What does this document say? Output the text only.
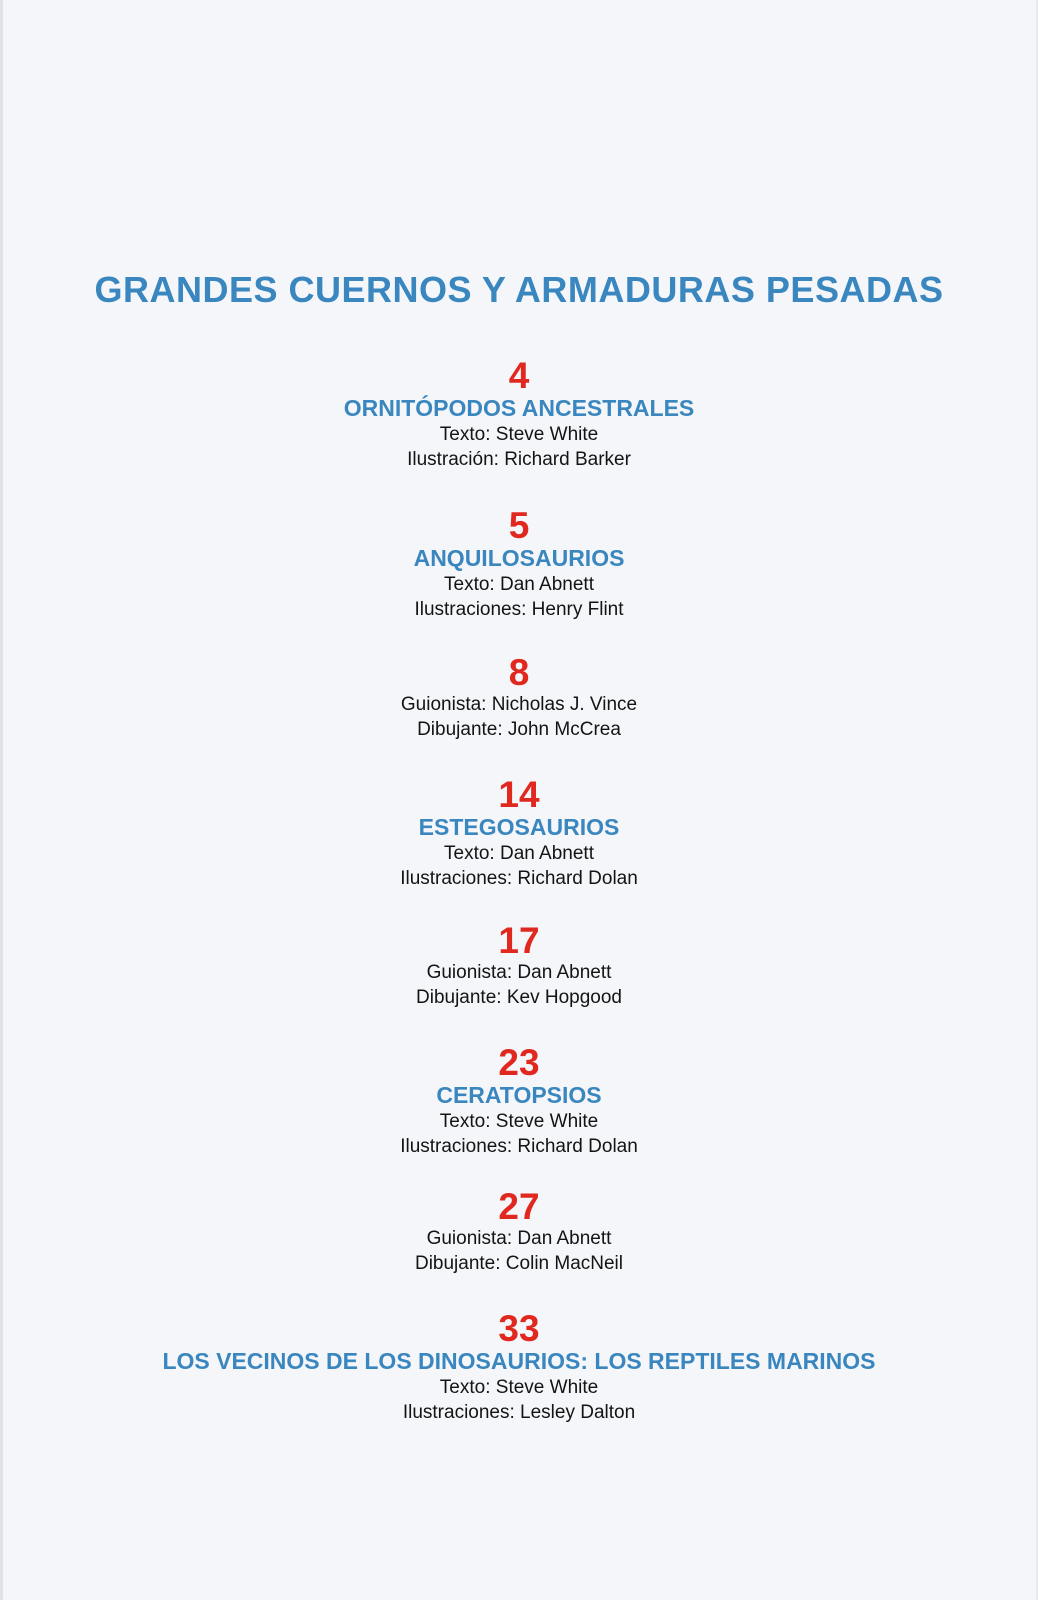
GRANDES CUERNOS Y ARMADURAS PESADAS
4
ORNITÓPODOS ANCESTRALES
Texto: Steve White
Ilustración: Richard Barker
5
ANQUILOSAURIOS
Texto: Dan Abnett
Ilustraciones: Henry Flint
8
Guionista: Nicholas J. Vince
Dibujante: John McCrea
14
ESTEGOSAURIOS
Texto: Dan Abnett
Ilustraciones: Richard Dolan
17
Guionista: Dan Abnett
Dibujante: Kev Hopgood
23
CERATOPSIOS
Texto: Steve White
Ilustraciones: Richard Dolan
27
Guionista: Dan Abnett
Dibujante: Colin MacNeil
33
LOS VECINOS DE LOS DINOSAURIOS: LOS REPTILES MARINOS
Texto: Steve White
Ilustraciones: Lesley Dalton
